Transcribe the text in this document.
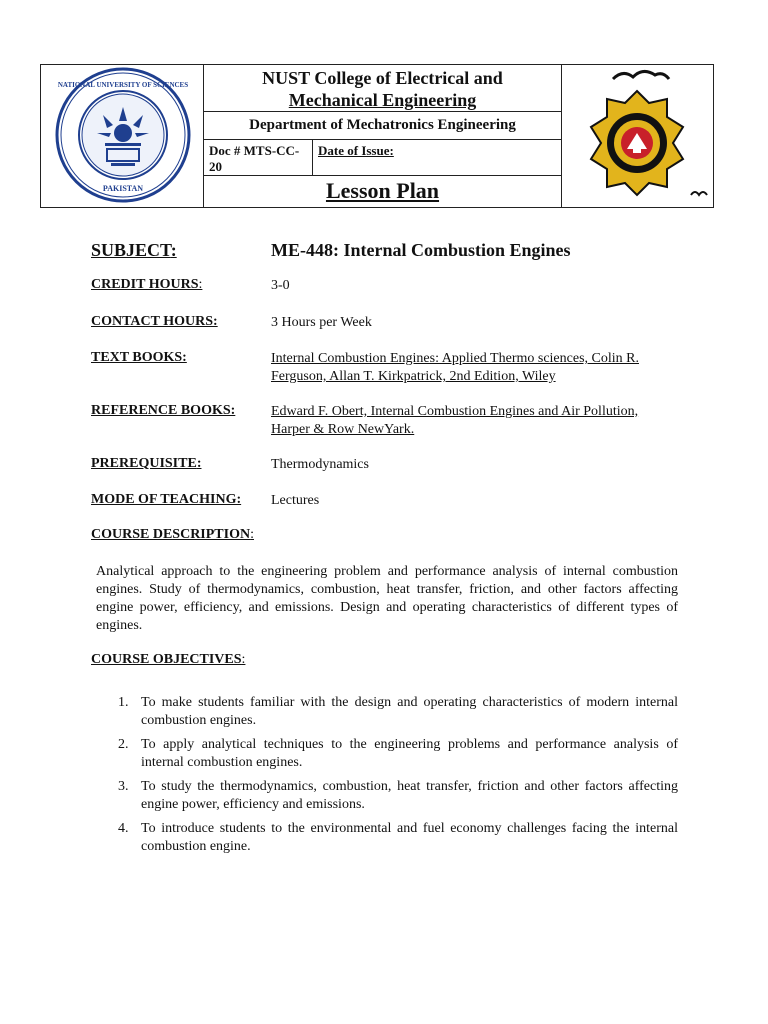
NATIONAL UNIVERSITY OF SCIENCES
PAKISTAN
NUST College of Electrical and
Mechanical Engineering
Department of Mechatronics Engineering
Doc # MTS-CC-
20
Date of Issue:
Lesson Plan
SUBJECT:	ME-448: Internal Combustion Engines
CREDIT HOURS:	3-0
CONTACT HOURS:	3 Hours per Week
TEXT BOOKS:	Internal Combustion Engines: Applied Thermo sciences, Colin R.
Ferguson, Allan T. Kirkpatrick, 2nd Edition, Wiley
REFERENCE BOOKS:	Edward F. Obert, Internal Combustion Engines and Air Pollution,
Harper & Row NewYark.
PREREQUISITE:	Thermodynamics
MODE OF TEACHING: Lectures
COURSE DESCRIPTION:
Analytical approach to the engineering problem and performance analysis of internal combustion engines. Study of thermodynamics, combustion, heat transfer, friction, and other factors affecting engine power, efficiency, and emissions. Design and operating characteristics of different types of engines.
COURSE OBJECTIVES:
1. To make students familiar with the design and operating characteristics of modern internal combustion engines.
2. To apply analytical techniques to the engineering problems and performance analysis of internal combustion engines.
3. To study the thermodynamics, combustion, heat transfer, friction and other factors affecting engine power, efficiency and emissions.
4. To introduce students to the environmental and fuel economy challenges facing the internal combustion engine.
